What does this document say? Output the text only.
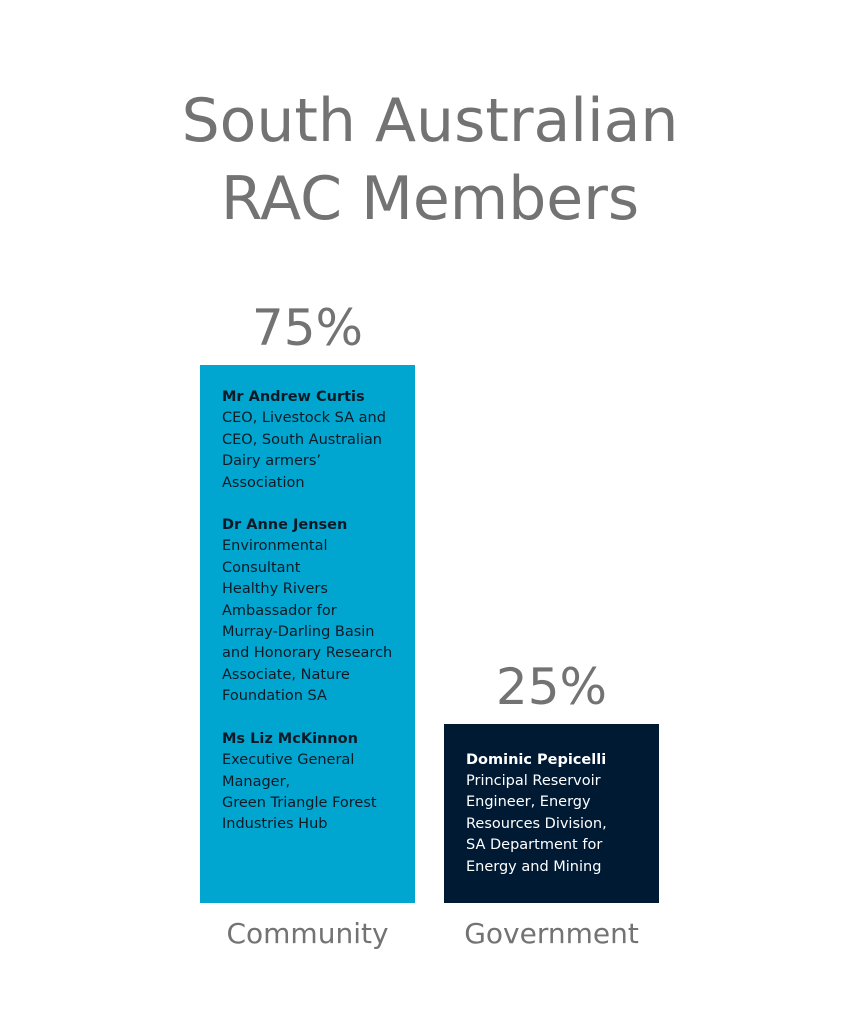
South Australian
RAC Members
Mr Andrew Curtis
CEO, Livestock SA and
CEO, South Australian
Dairy armers’
Association
Dr Anne Jensen
Environmental
Consultant
Healthy Rivers
Ambassador for
Murray-Darling Basin
and Honorary Research
Associate, Nature
Foundation SA
Ms Liz McKinnon
Executive General
Manager,
Green Triangle Forest
Industries Hub
75%
Community
Dominic Pepicelli
Principal Reservoir
Engineer, Energy
Resources Division,
SA Department for
Energy and Mining
25%
Government
